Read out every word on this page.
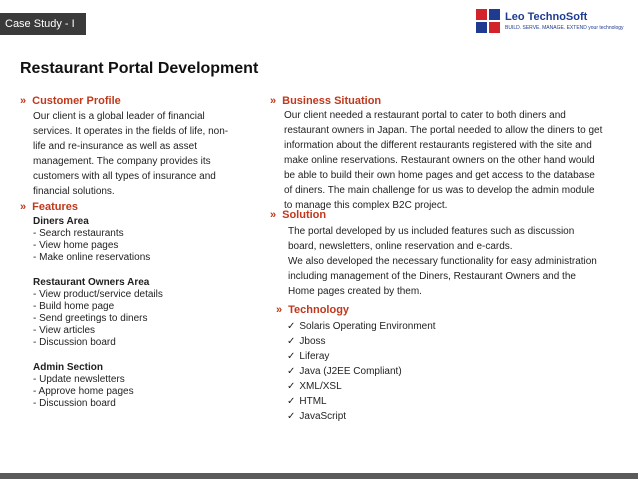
Case Study - I
Leo TechnoSoft
BUILD. SERVE. MANAGE. EXTEND your technology
Restaurant Portal Development
» Customer Profile
Our client is a global leader of financial
services. It operates in the fields of life, non-
life and re-insurance as well as asset
management. The company provides its
customers with all types of insurance and
financial solutions.
» Features
Diners Area
- Search restaurants
- View home pages
- Make online reservations
Restaurant Owners Area
- View product/service details
- Build home page
- Send greetings to diners
- View articles
- Discussion board
Admin Section
- Update newsletters
- Approve home pages
- Discussion board
» Business Situation
Our client needed a restaurant portal to cater to both diners and
restaurant owners in Japan. The portal needed to allow the diners to get
information about the different restaurants registered with the site and
make online reservations. Restaurant owners on the other hand would
be able to build their own home pages and get access to the database
of diners. The main challenge for us was to develop the admin module
to manage this complex B2C project.
» Solution
The portal developed by us included features such as discussion
board, newsletters, online reservation and e-cards.
We also developed the necessary functionality for easy administration
including management of the Diners, Restaurant Owners and the
Home pages created by them.
» Technology
✓ Solaris Operating Environment
✓ Jboss
✓ Liferay
✓ Java (J2EE Compliant)
✓ XML/XSL
✓ HTML
✓ JavaScript
